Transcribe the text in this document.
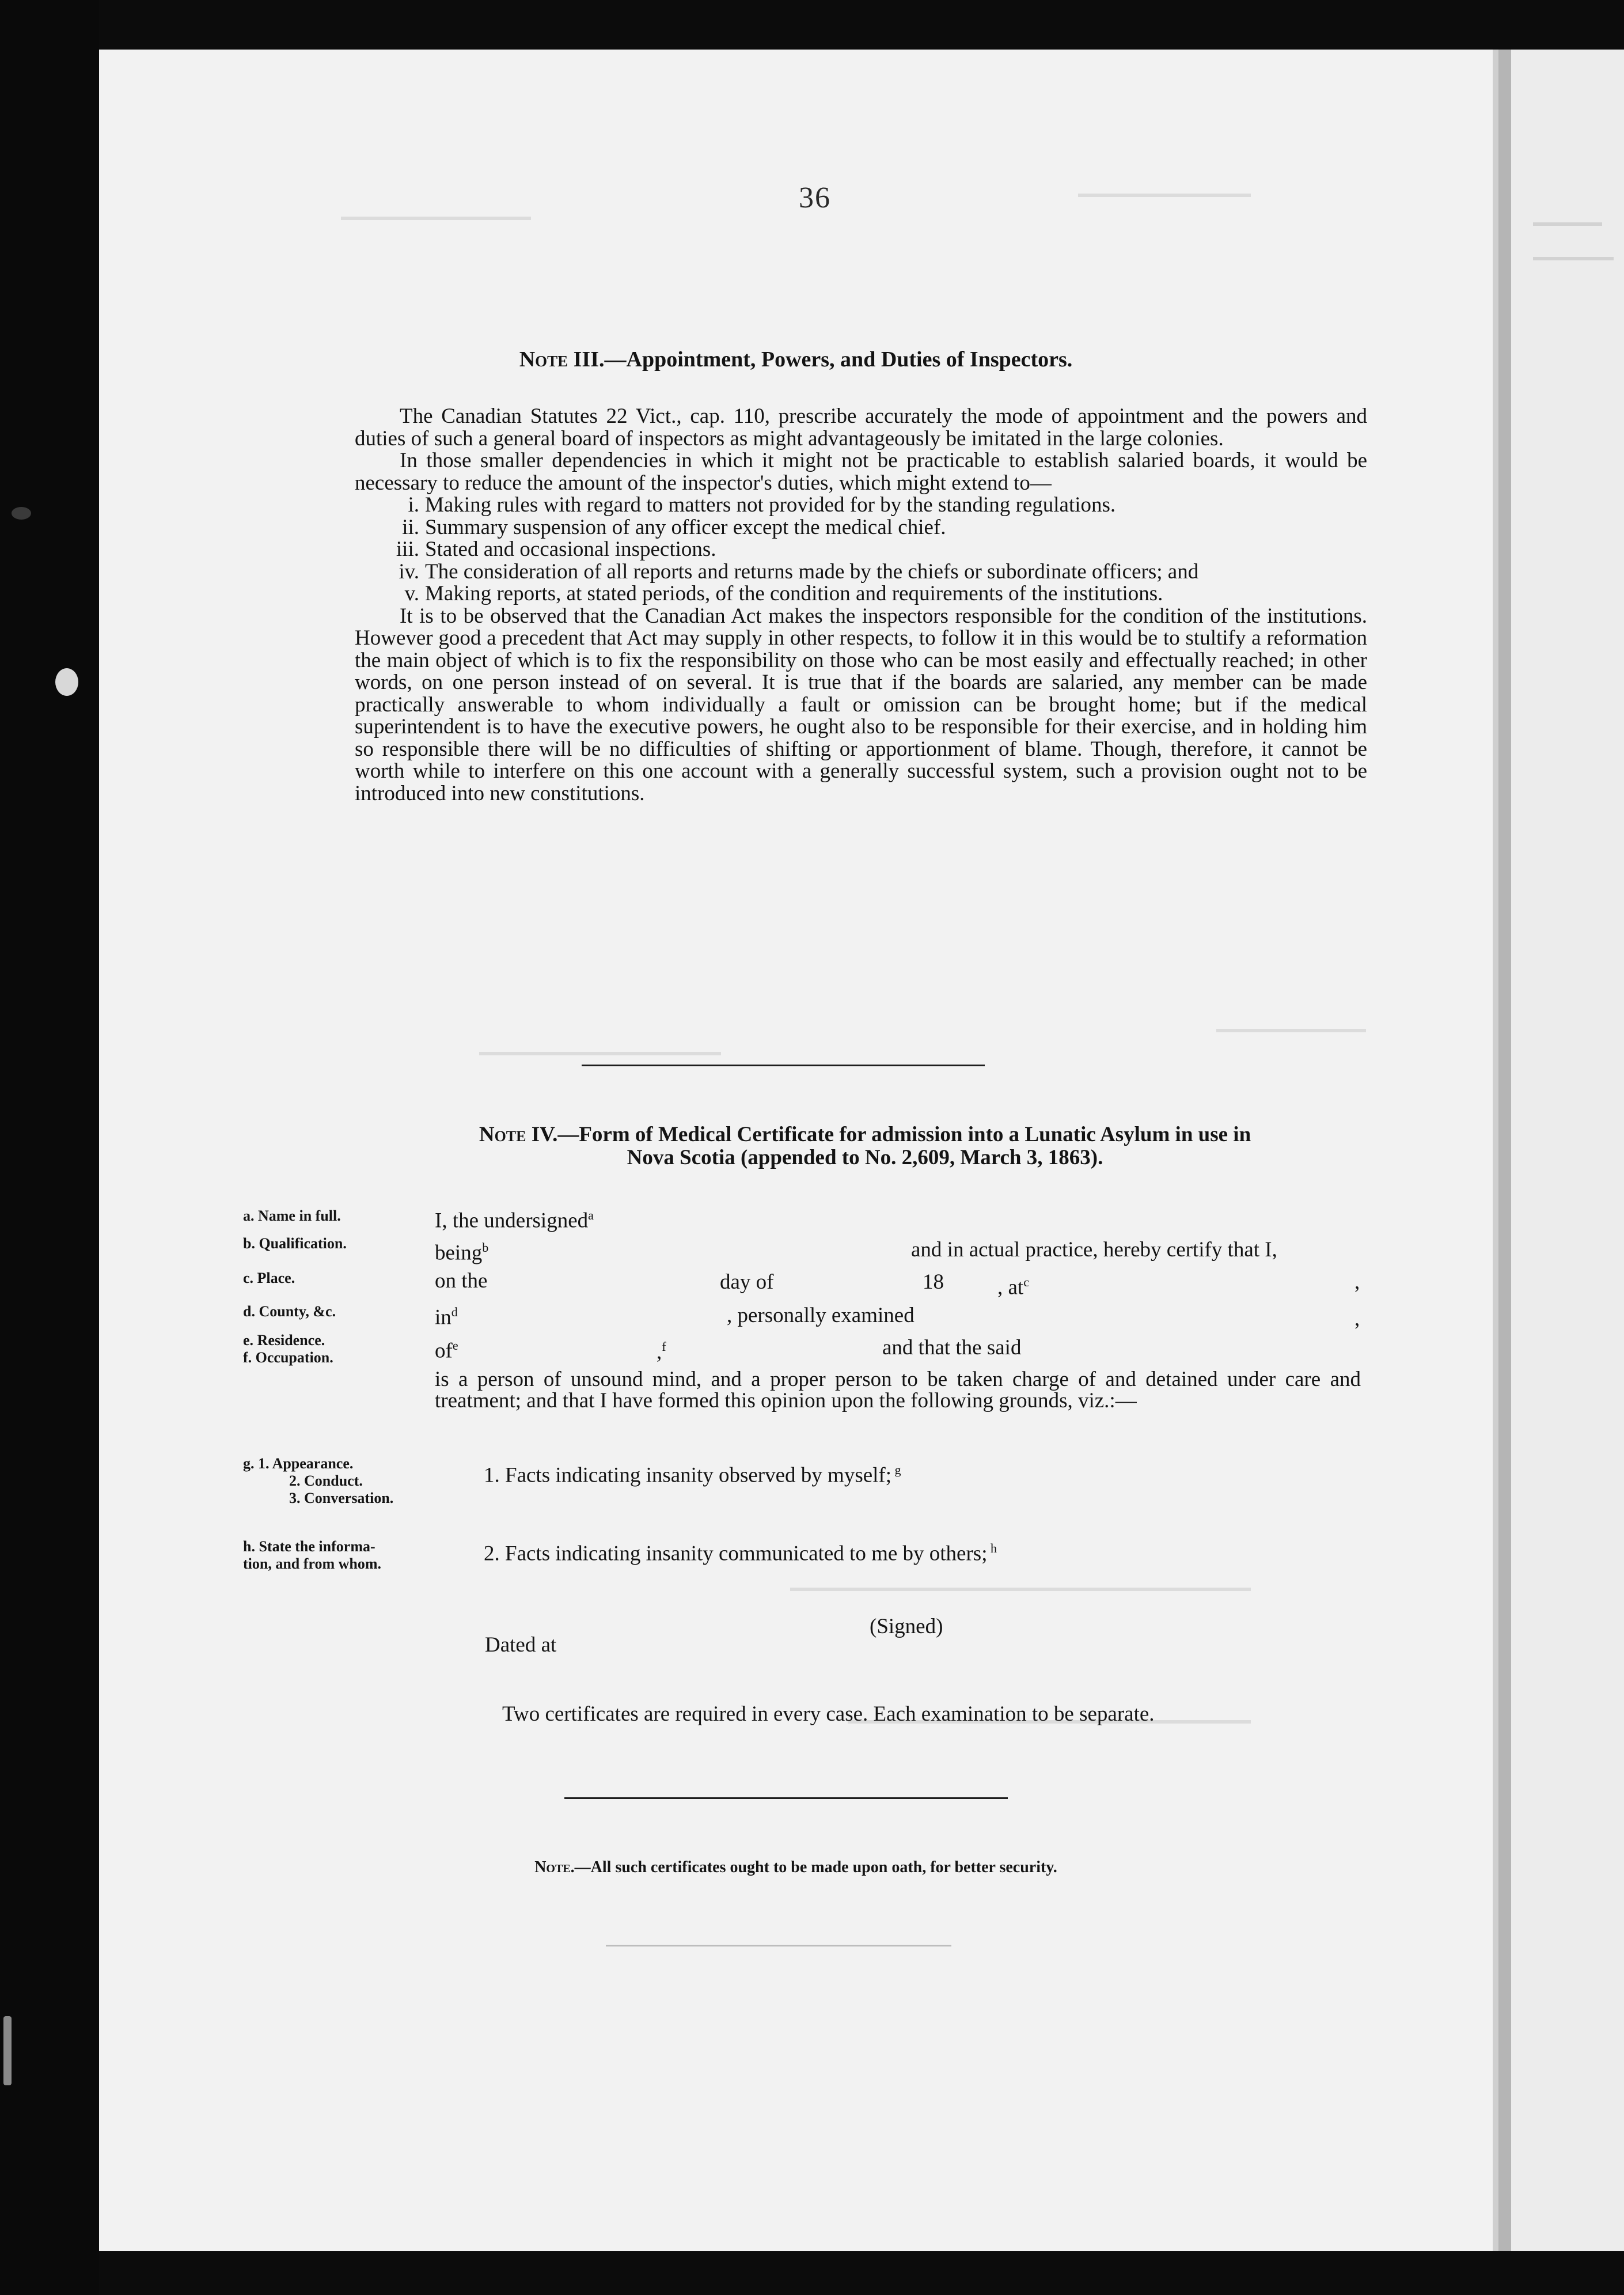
36
Note III.—Appointment, Powers, and Duties of Inspectors.

The Canadian Statutes 22 Vict., cap. 110, prescribe accurately the mode of appointment and the powers and duties of such a general board of inspectors as might advantageously be imitated in the large colonies.

In those smaller dependencies in which it might not be practicable to establish salaried boards, it would be necessary to reduce the amount of the inspector's duties, which might extend to—

i. Making rules with regard to matters not provided for by the standing regulations.
ii. Summary suspension of any officer except the medical chief.
iii. Stated and occasional inspections.
iv. The consideration of all reports and returns made by the chiefs or subordinate officers; and
v. Making reports, at stated periods, of the condition and requirements of the institutions.

It is to be observed that the Canadian Act makes the inspectors responsible for the condition of the institutions. However good a precedent that Act may supply in other respects, to follow it in this would be to stultify a reformation the main object of which is to fix the responsibility on those who can be most easily and effectually reached; in other words, on one person instead of on several. It is true that if the boards are salaried, any member can be made practically answerable to whom individually a fault or omission can be brought home; but if the medical superintendent is to have the executive powers, he ought also to be responsible for their exercise, and in holding him so responsible there will be no difficulties of shifting or apportionment of blame. Though, therefore, it cannot be worth while to interfere on this one account with a generally successful system, such a provision ought not to be introduced into new constitutions.

Note IV.—Form of Medical Certificate for admission into a Lunatic Asylum in use in
Nova Scotia (appended to No. 2,609, March 3, 1863).
a. Name in full.
b. Qualification.
c. Place.
d. County, &c.
e. Residence.
f. Occupation.
g. 1. Appearance.
2. Conduct.
3. Conversation.
h. State the informa-
tion, and from whom.
I, the undersigned$^a$
being$^b$	and in actual practice, hereby certify that I,
on the	day of	18	, $at^c$	,
$in^d$	, personally examined	,
$of^e$	,$^f$	and that the said

is a person of unsound mind, and a proper person to be taken charge of and detained under care and treatment; and that I have formed this opinion upon the following grounds, viz.:—

1. Facts indicating insanity observed by myself; $^g$
2. Facts indicating insanity communicated to me by others; $^h$
(Signed)
Dated at
Two certificates are required in every case. Each examination to be separate.
Note.—All such certificates ought to be made upon oath, for better security.
